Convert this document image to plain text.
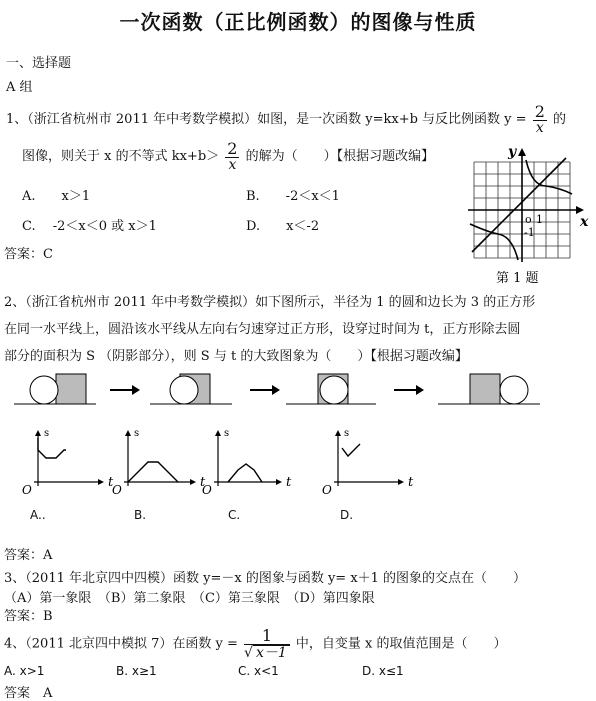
一次函数（正比例函数）的图像与性质
一、选择题
A 组
1、（浙江省杭州市 2011 年中考数学模拟）如图，是一次函数 y=kx+b 与反比例函数 $y = \frac{2}{x}$ 的
图像，则关于 x 的不等式 $kx+b> \frac{2}{x}$ 的解为（　　）【根据习题改编】
A.　　x＞1	B.　　-2＜x＜1
C.　 -2＜x＜0 或 x＞1	D.　　x＜-2
答案：C
y
x
o 1
-1
第 1 题
2、（浙江省杭州市 2011 年中考数学模拟）如下图所示，半径为 1 的圆和边长为 3 的正方形
在同一水平线上，圆沿该水平线从左向右匀速穿过正方形，设穿过时间为 t，正方形除去圆
部分的面积为 S （阴影部分），则 S 与 t 的大致图象为（　　）【根据习题改编】
s
O	t
s
O	t
s
O	t
s
O	t
A..	B.	C.	D.
答案：A
3、（2011 年北京四中四模）函数 y=－x 的图象与函数 y= x＋1 的图象的交点在（　　）
（A）第一象限　（B）第二象限　（C）第三象限　（D）第四象限
答案：B
4、（2011 北京四中模拟 7）在函数 $y = \frac{1}{√ x-1}$ 中，自变量 x 的取值范围是（　　）
A. x>1	B. x≥1	C. x<1	D. x≤1
答案　A
